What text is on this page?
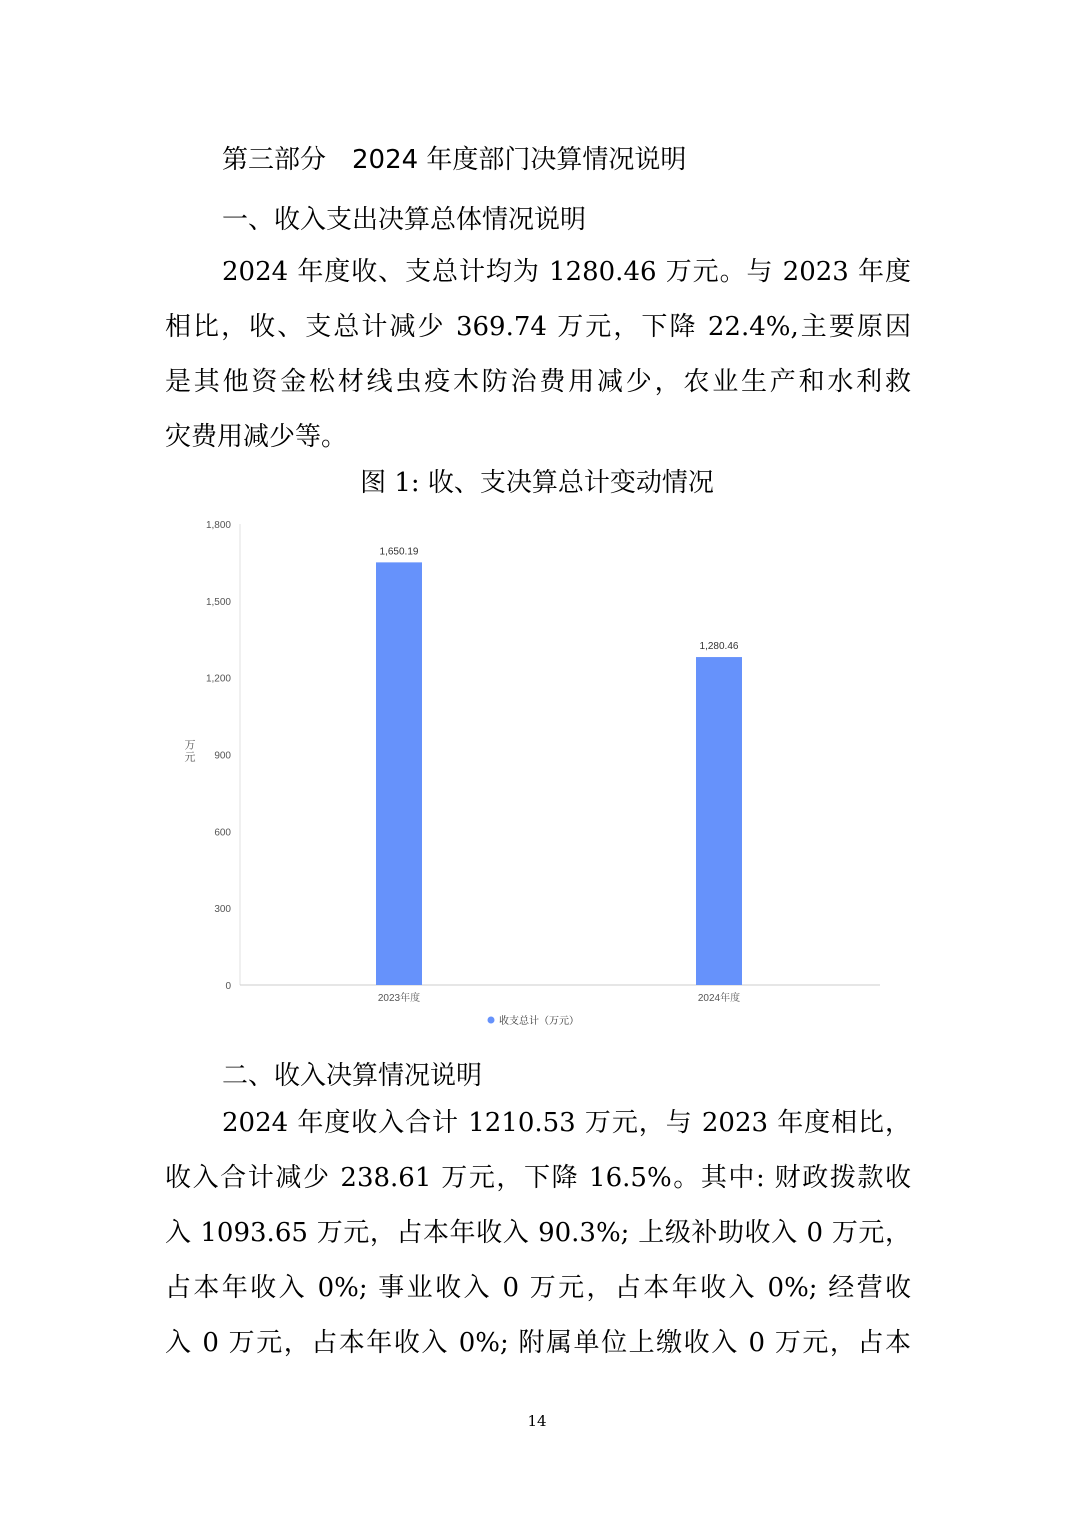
第三部分　2024 年度部门决算情况说明
一、收入支出决算总体情况说明

2024 年度收、支总计均为 1280.46 万元。与 2023 年度
相比，收、支总计减少 369.74 万元，下降 22.4%,主要原因
是其他资金松材线虫疫木防治费用减少，农业生产和水利救
灾费用减少等。

图 1: 收、支决算总计变动情况
0
300
600
900
1,200
1,500
1,800
万元
1,650.19
2023年度
1,280.46
2024年度
收支总计（万元）
二、收入决算情况说明

2024 年度收入合计 1210.53 万元，与 2023 年度相比，
收入合计减少 238.61 万元，下降 16.5%。其中: 财政拨款收
入 1093.65 万元，占本年收入 90.3%; 上级补助收入 0 万元，
占本年收入 0%; 事业收入 0 万元，占本年收入 0%; 经营收
入 0 万元，占本年收入 0%; 附属单位上缴收入 0 万元，占本

14
